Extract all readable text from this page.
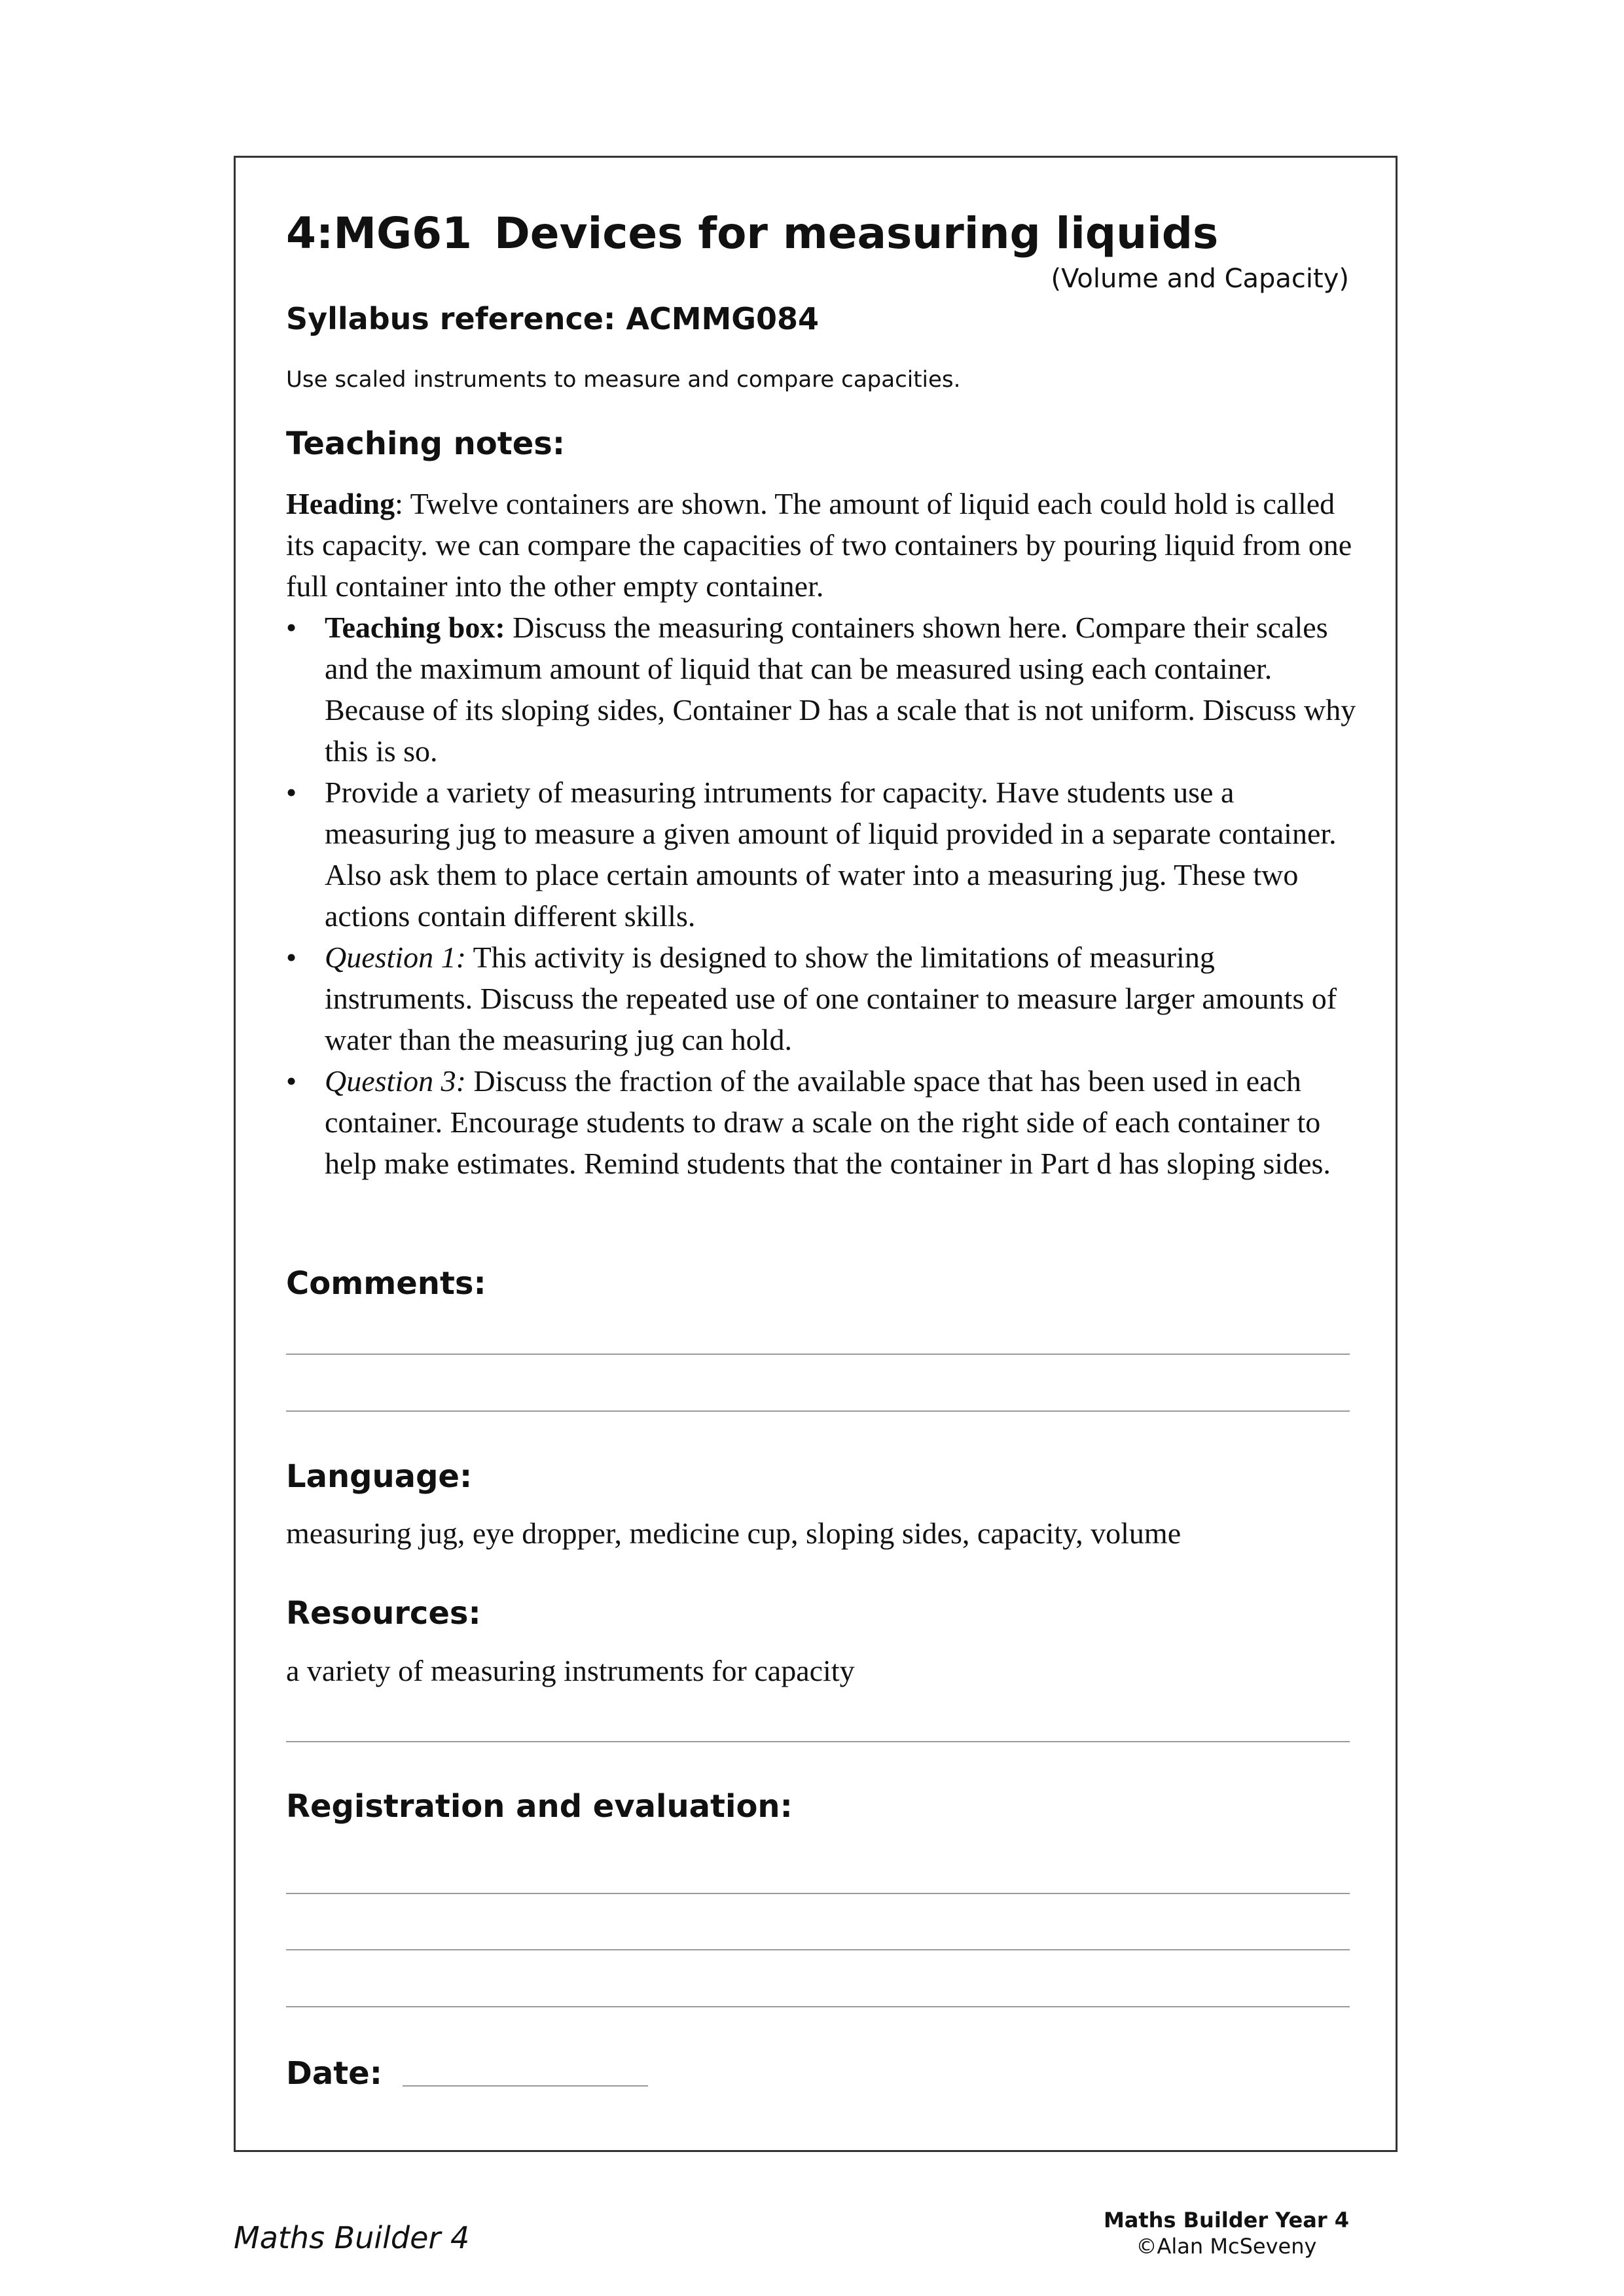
4:MG61 Devices for measuring liquids
(Volume and Capacity)
Syllabus reference: ACMMG084
Use scaled instruments to measure and compare capacities.
Teaching notes:

Heading: Twelve containers are shown. The amount of liquid each could hold is called its capacity. we can compare the capacities of two containers by pouring liquid from one full container into the other empty container.

• Teaching box: Discuss the measuring containers shown here. Compare their scales and the maximum amount of liquid that can be measured using each container. Because of its sloping sides, Container D has a scale that is not uniform. Discuss why this is so.
• Provide a variety of measuring intruments for capacity. Have students use a measuring jug to measure a given amount of liquid provided in a separate container. Also ask them to place certain amounts of water into a measuring jug. These two actions contain different skills.
• Question 1: This activity is designed to show the limitations of measuring instruments. Discuss the repeated use of one container to measure larger amounts of water than the measuring jug can hold.
• Question 3: Discuss the fraction of the available space that has been used in each container. Encourage students to draw a scale on the right side of each container to help make estimates. Remind students that the container in Part d has sloping sides.
Comments:
Language:
measuring jug, eye dropper, medicine cup, sloping sides, capacity, volume
Resources:
a variety of measuring instruments for capacity
Registration and evaluation:
Date:
Maths Builder 4	Maths Builder Year 4
©Alan McSeveny
